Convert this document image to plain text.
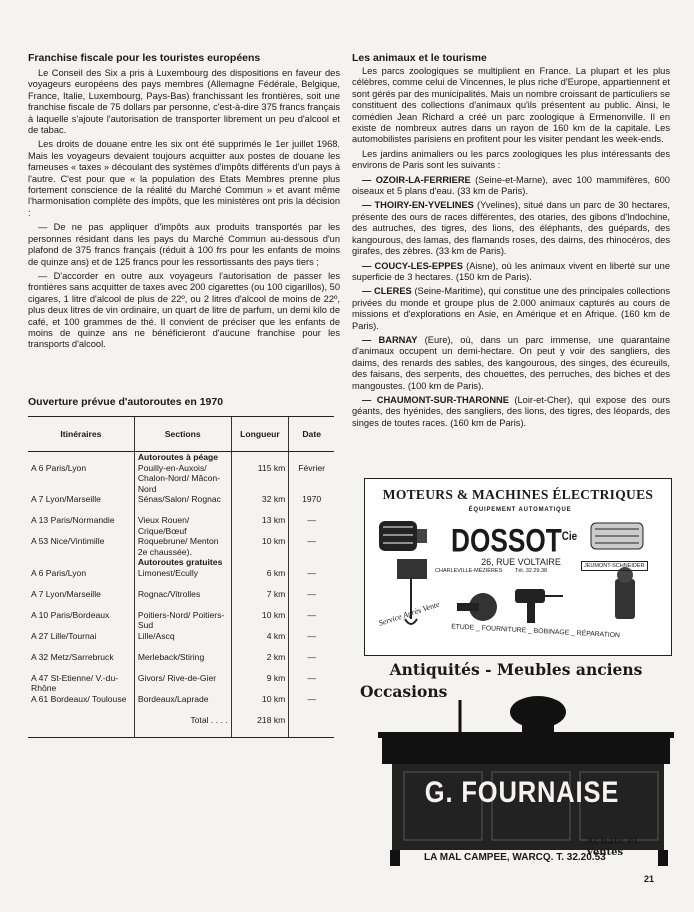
Franchise fiscale pour les touristes européens

Le Conseil des Six a pris à Luxembourg des dispositions en faveur des voyageurs européens des pays membres (Allemagne Fédérale, Belgique, France, Italie, Luxembourg, Pays-Bas) franchissant les frontières, soit une franchise fiscale de 75 dollars par personne, c'est-à-dire 375 francs français à laquelle s'ajoute l'autorisation de transporter librement un peu d'alcool et de tabac.

Les droits de douane entre les six ont été supprimés le 1er juillet 1968. Mais les voyageurs devaient toujours acquitter aux postes de douane les fameuses « taxes » découlant des systèmes d'impôts différents d'un pays à l'autre. C'est pour que « la population des Etats Membres prenne plus fortement conscience de la réalité du Marché Commun » et avant même l'harmonisation complète des impôts, que les ministères ont pris la décision :

— De ne pas appliquer d'impôts aux produits transportés par les personnes résidant dans les pays du Marché Commun au-dessous d'un plafond de 375 francs français (réduit à 100 frs pour les enfants de moins de quinze ans) et de 125 francs pour les ressortissants des pays tiers ;

— D'accorder en outre aux voyageurs l'autorisation de passer les frontières sans acquitter de taxes avec 200 cigarettes (ou 100 cigarillos), 50 cigares, 1 litre d'alcool de plus de 22º, ou 2 litres d'alcool de moins de 22º, plus deux litres de vin ordinaire, un quart de litre de parfum, un demi kilo de café, et 100 grammes de thé. Il convient de préciser que les enfants de moins de quinze ans ne bénéficieront d'aucune franchise pour les transports d'alcool.

Ouverture prévue d'autoroutes en 1970
Itinéraires	Sections	Longueur	Date
	Autoroutes à péage		
A 6 Paris/Lyon	Pouilly-en-Auxois/ Chalon-Nord/ Mâcon-Nord	115 km	Février
A 7 Lyon/Marseille	Sénas/Salon/ Rognac	32 km	1970
A 13 Paris/Normandie	Vieux Rouen/ Crique/Bœuf	13 km	—
A 53 Nice/Vintimille	Roquebrune/ Menton 2e chaussée).	10 km	—
	Autoroutes gratuites		
A 6 Paris/Lyon	Limonest/Ecully	6 km	—
A 7 Lyon/Marseille	Rognac/Vitrolles	7 km	—
A 10 Paris/Bordeaux	Poitiers-Nord/ Poitiers-Sud	10 km	—
A 27 Lille/Tournai	Lille/Ascq	4 km	—
A 32 Metz/Sarrebruck	Merleback/Stiring	2 km	—
A 47 St-Etienne/ V.-du-Rhône	Givors/ Rive-de-Gier	9 km	—
A 61 Bordeaux/ Toulouse	Bordeaux/Laprade	10 km	—
	Total . . . .	218 km	
Les animaux et le tourisme

Les parcs zoologiques se multiplient en France. La plupart et les plus célèbres, comme celui de Vincennes, le plus riche d'Europe, appartiennent et sont gérés par des municipalités. Mais un nombre croissant de particuliers se constituent des collections d'animaux qu'ils présentent au public. Ainsi, le comédien Jean Richard a créé un parc zoologique à Ermenonville. Il en existe de nombreux autres dans un rayon de 160 km de la capitale. Les automobilistes parisiens en profitent pour les visiter pendant les week-ends.

Les jardins animaliers ou les parcs zoologiques les plus intéressants des environs de Paris sont les suivants :

— OZOIR-LA-FERRIERE (Seine-et-Marne), avec 100 mammifères, 600 oiseaux et 5 plans d'eau. (33 km de Paris).

— THOIRY-EN-YVELINES (Yvelines), situé dans un parc de 30 hectares, présente des ours de races différentes, des otaries, des gibons d'Indochine, des autruches, des tigres, des lions, des éléphants, des guépards, des kangourous, des lamas, des flamands roses, des daims, des rhinocéros, des girafes, des zèbres. (33 km de Paris).

— COUCY-LES-EPPES (Aisne), où les animaux vivent en liberté sur une superficie de 3 hectares. (150 km de Paris).

— CLERES (Seine-Maritime), qui constitue une des principales collections privées du monde et groupe plus de 2.000 animaux capturés au cours de missions et d'explorations en Asie, en Amérique et en Afrique. (160 km de Paris).

— BARNAY (Eure), où, dans un parc immense, une quarantaine d'animaux occupent un demi-hectare. On peut y voir des sangliers, des daims, des renards des sables, des kangourous, des singes, des écureuils, des faisans, des serpents, des chouettes, des perruches, des biches et des mangoustes. (100 km de Paris).

— CHAUMONT-SUR-THARONNE (Loir-et-Cher), qui expose des ours géants, des hyénides, des sangliers, des lions, des tigres, des léopards, des singes de toutes races. (160 km de Paris).

MOTEURS & MACHINES ÉLECTRIQUES
ÉQUIPEMENT AUTOMATIQUE
$DOSSOT^{Cie}$
26, RUE VOLTAIRE
CHARLEVILLE-MÉZIÈRES Tél. 32.29.38
JEUMONT-SCHNEIDER
Service Après Vente
ETUDE _ FOURNITURE _ BOBINAGE _ RÉPARATION
Antiquités - Meubles anciens
Occasions
G. FOURNAISE
Achats et Ventes
LA MAL CAMPEE, WARCQ. T. 32.20.53
21
